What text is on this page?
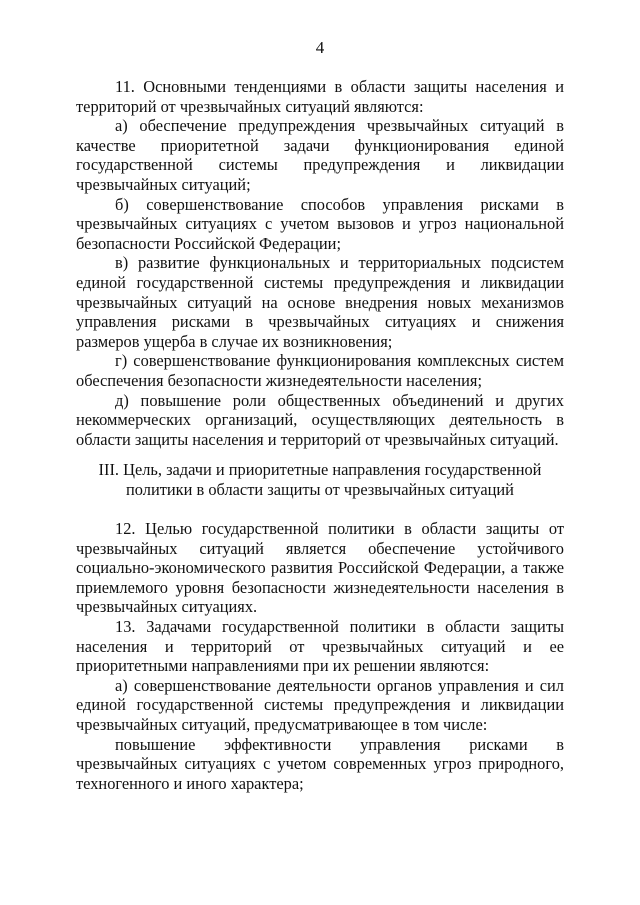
4

11. Основными тенденциями в области защиты населения и территорий от чрезвычайных ситуаций являются:

а) обеспечение предупреждения чрезвычайных ситуаций в качестве приоритетной задачи функционирования единой государственной системы предупреждения и ликвидации чрезвычайных ситуаций;

б) совершенствование способов управления рисками в чрезвычайных ситуациях с учетом вызовов и угроз национальной безопасности Российской Федерации;

в) развитие функциональных и территориальных подсистем единой государственной системы предупреждения и ликвидации чрезвычайных ситуаций на основе внедрения новых механизмов управления рисками в чрезвычайных ситуациях и снижения размеров ущерба в случае их возникновения;

г) совершенствование функционирования комплексных систем обеспечения безопасности жизнедеятельности населения;

д) повышение роли общественных объединений и других некоммерческих организаций, осуществляющих деятельность в области защиты населения и территорий от чрезвычайных ситуаций.

III. Цель, задачи и приоритетные направления государственной
политики в области защиты от чрезвычайных ситуаций

12. Целью государственной политики в области защиты от чрезвычайных ситуаций является обеспечение устойчивого социально-экономического развития Российской Федерации, а также приемлемого уровня безопасности жизнедеятельности населения в чрезвычайных ситуациях.

13. Задачами государственной политики в области защиты населения и территорий от чрезвычайных ситуаций и ее приоритетными направлениями при их решении являются:

а) совершенствование деятельности органов управления и сил единой государственной системы предупреждения и ликвидации чрезвычайных ситуаций, предусматривающее в том числе:

повышение эффективности управления рисками в чрезвычайных ситуациях с учетом современных угроз природного, техногенного и иного характера;
